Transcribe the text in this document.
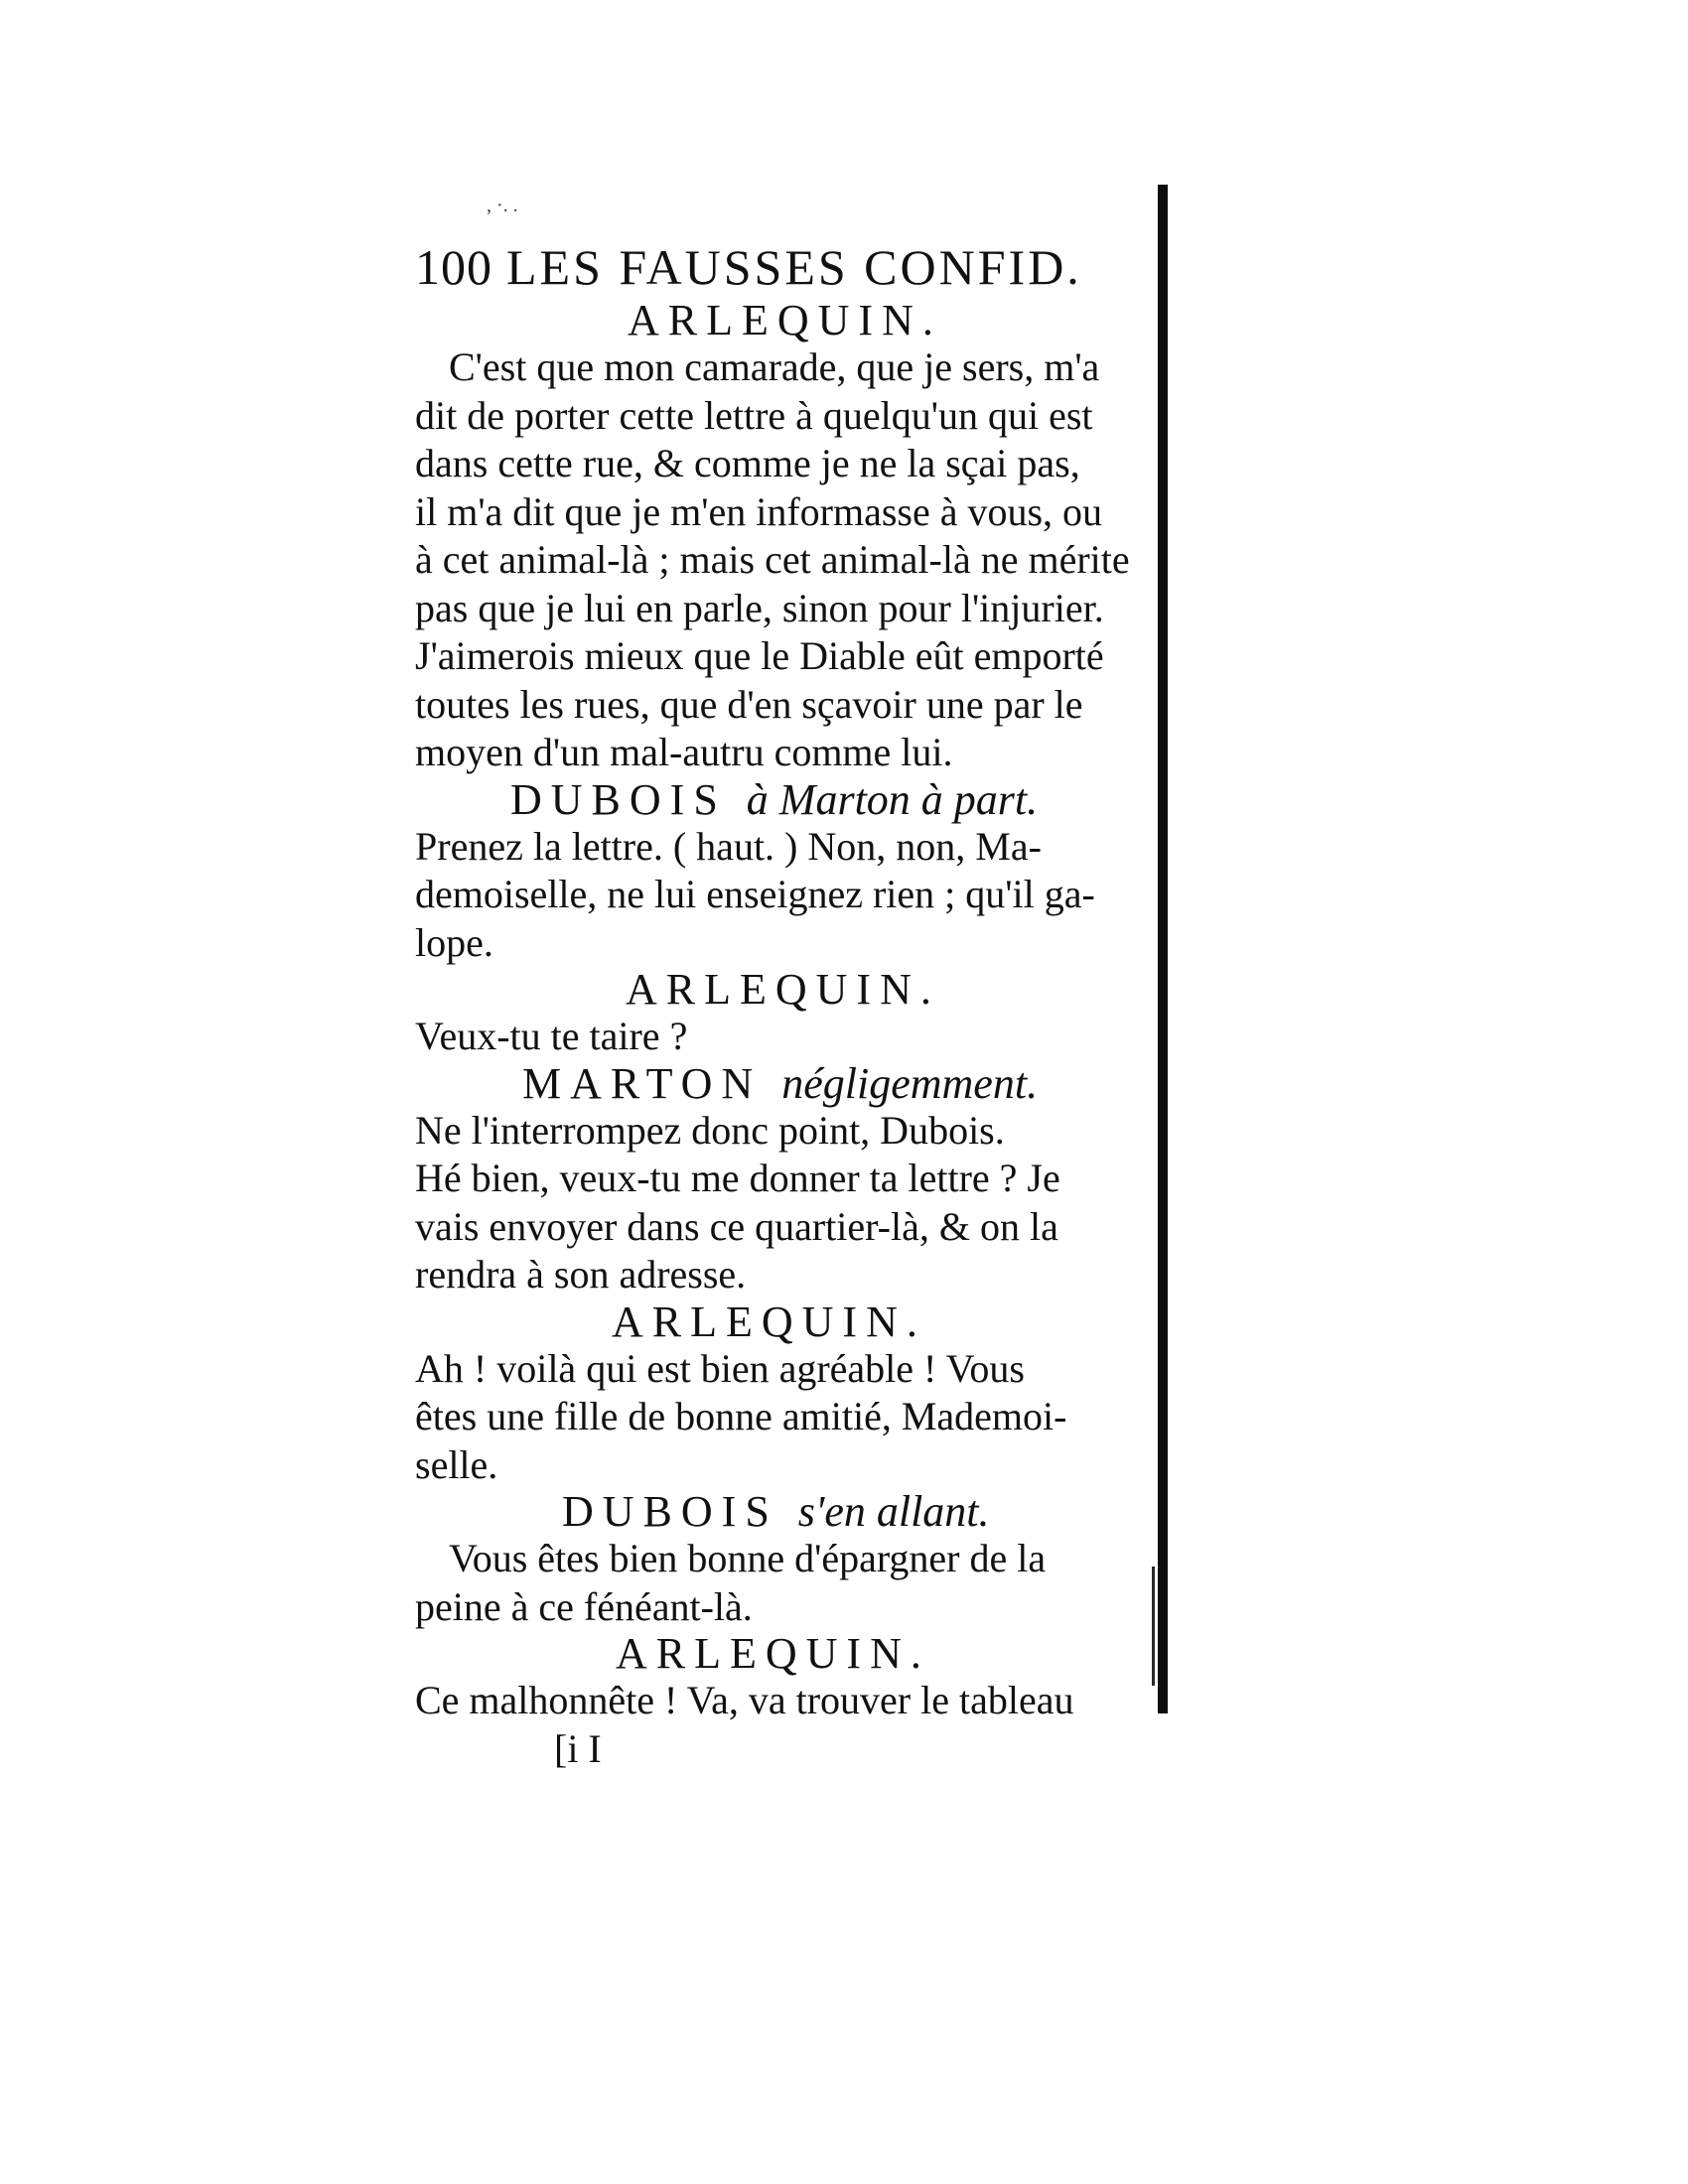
, ·. .
100 LES FAUSSES CONFID.
ARLEQUIN.
C'est que mon camarade, que je sers, m'a
dit de porter cette lettre à quelqu'un qui est
dans cette rue, & comme je ne la sçai pas,
il m'a dit que je m'en informasse à vous, ou
à cet animal-là ; mais cet animal-là ne mérite
pas que je lui en parle, sinon pour l'injurier.
J'aimerois mieux que le Diable eût emporté
toutes les rues, que d'en sçavoir une par le
moyen d'un mal-autru comme lui.
DUBOIS à Marton à part.
Prenez la lettre. ( haut. ) Non, non, Ma-
demoiselle, ne lui enseignez rien ; qu'il ga-
lope.
ARLEQUIN.
Veux-tu te taire ?
MARTON négligemment.
Ne l'interrompez donc point, Dubois.
Hé bien, veux-tu me donner ta lettre ? Je
vais envoyer dans ce quartier-là, & on la
rendra à son adresse.
ARLEQUIN.
Ah ! voilà qui est bien agréable ! Vous
êtes une fille de bonne amitié, Mademoi-
selle.
DUBOIS s'en allant.
Vous êtes bien bonne d'épargner de la
peine à ce fénéant-là.
ARLEQUIN.
Ce malhonnête ! Va, va trouver le tableau
[i I
